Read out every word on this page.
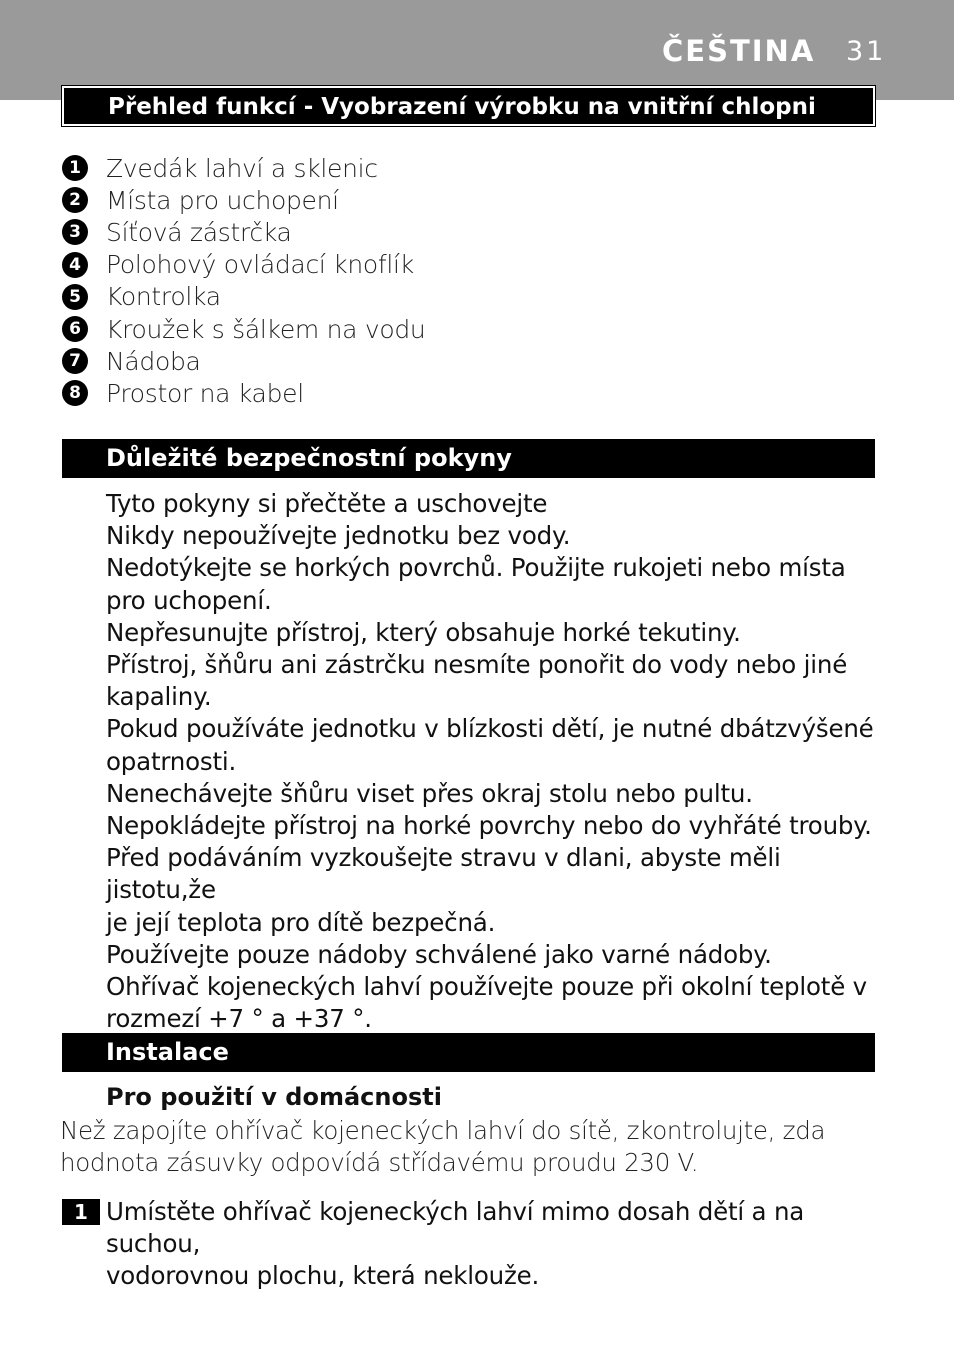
ČEŠTINA 31
Přehled funkcí - Vyobrazení výrobku na vnitřní chlopni
1 Zvedák lahví a sklenic
2 Místa pro uchopení
3 Síťová zástrčka
4 Polohový ovládací knoflík
5 Kontrolka
6 Kroužek s šálkem na vodu
7 Nádoba
8 Prostor na kabel
Důležité bezpečnostní pokyny

Tyto pokyny si přečtěte a uschovejte

Nikdy nepoužívejte jednotku bez vody.

Nedotýkejte se horkých povrchů. Použijte rukojeti nebo místa

pro uchopení.

Nepřesunujte přístroj, který obsahuje horké tekutiny.

Přístroj, šňůru ani zástrčku nesmíte ponořit do vody nebo jiné

kapaliny.

Pokud používáte jednotku v blízkosti dětí, je nutné dbátzvýšené

opatrnosti.

Nenechávejte šňůru viset přes okraj stolu nebo pultu.

Nepokládejte přístroj na horké povrchy nebo do vyhřáté trouby.

Před podáváním vyzkoušejte stravu v dlani, abyste měli jistotu,že

je její teplota pro dítě bezpečná.

Používejte pouze nádoby schválené jako varné nádoby.

Ohřívač kojeneckých lahví používejte pouze při okolní teplotě v

rozmezí +7 ° a +37 °.

Instalace
Pro použití v domácnosti
Než zapojíte ohřívač kojeneckých lahví do sítě, zkontrolujte, zda
hodnota zásuvky odpovídá střídavému proudu 230 V.
1 Umístěte ohřívač kojeneckých lahví mimo dosah dětí a na suchou,
vodorovnou plochu, která neklouže.
